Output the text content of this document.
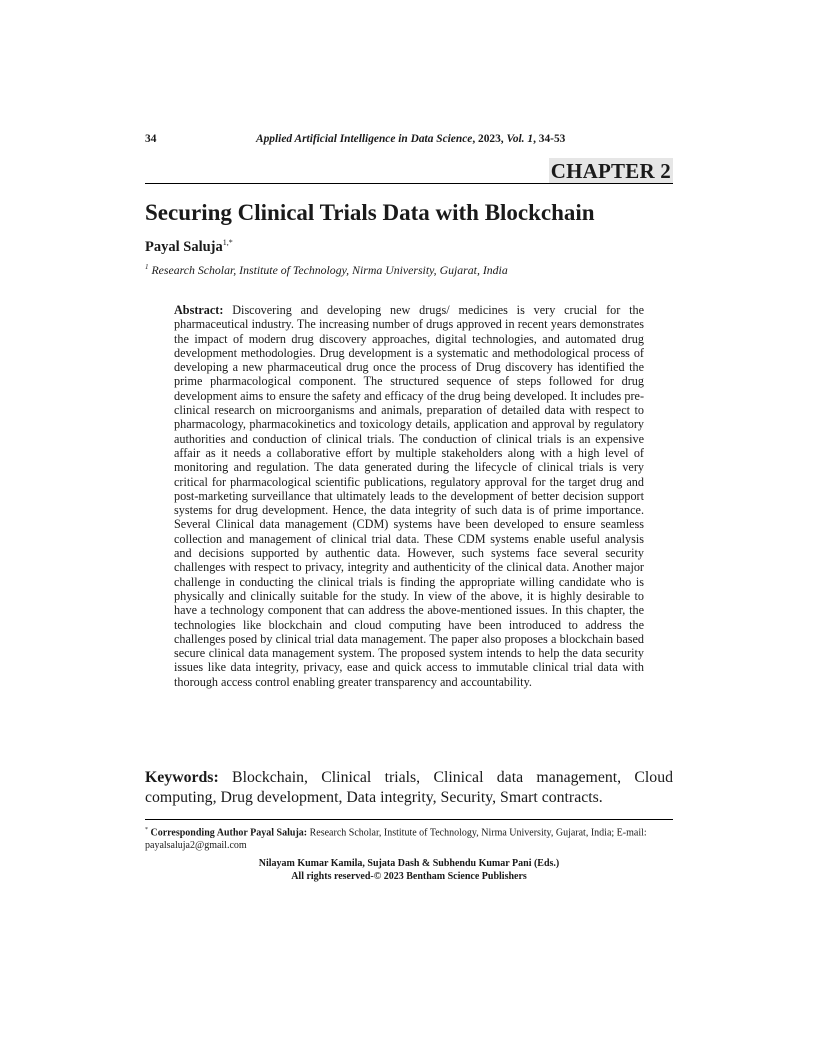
34	Applied Artificial Intelligence in Data Science, 2023, Vol. 1, 34-53
CHAPTER 2
Securing Clinical Trials Data with Blockchain
Payal Saluja$^{1,*}$
$^1$ Research Scholar, Institute of Technology, Nirma University, Gujarat, India
Abstract: Discovering and developing new drugs/ medicines is very crucial for the pharmaceutical industry. The increasing number of drugs approved in recent years demonstrates the impact of modern drug discovery approaches, digital technologies, and automated drug development methodologies. Drug development is a systematic and methodological process of developing a new pharmaceutical drug once the process of Drug discovery has identified the prime pharmacological component. The structured sequence of steps followed for drug development aims to ensure the safety and efficacy of the drug being developed. It includes pre-clinical research on microorganisms and animals, preparation of detailed data with respect to pharmacology, pharmacokinetics and toxicology details, application and approval by regulatory authorities and conduction of clinical trials. The conduction of clinical trials is an expensive affair as it needs a collaborative effort by multiple stakeholders along with a high level of monitoring and regulation. The data generated during the lifecycle of clinical trials is very critical for pharmacological scientific publications, regulatory approval for the target drug and post-marketing surveillance that ultimately leads to the development of better decision support systems for drug development. Hence, the data integrity of such data is of prime importance. Several Clinical data management (CDM) systems have been developed to ensure seamless collection and management of clinical trial data. These CDM systems enable useful analysis and decisions supported by authentic data. However, such systems face several security challenges with respect to privacy, integrity and authenticity of the clinical data. Another major challenge in conducting the clinical trials is finding the appropriate willing candidate who is physically and clinically suitable for the study. In view of the above, it is highly desirable to have a technology component that can address the above-mentioned issues. In this chapter, the technologies like blockchain and cloud computing have been introduced to address the challenges posed by clinical trial data management. The paper also proposes a blockchain based secure clinical data management system. The proposed system intends to help the data security issues like data integrity, privacy, ease and quick access to immutable clinical trial data with thorough access control enabling greater transparency and accountability.
Keywords: Blockchain, Clinical trials, Clinical data management, Cloud computing, Drug development, Data integrity, Security, Smart contracts.
* Corresponding Author Payal Saluja: Research Scholar, Institute of Technology, Nirma University, Gujarat, India; E-mail: payalsaluja2@gmail.com
Nilayam Kumar Kamila, Sujata Dash & Subhendu Kumar Pani (Eds.)
All rights reserved-© 2023 Bentham Science Publishers
